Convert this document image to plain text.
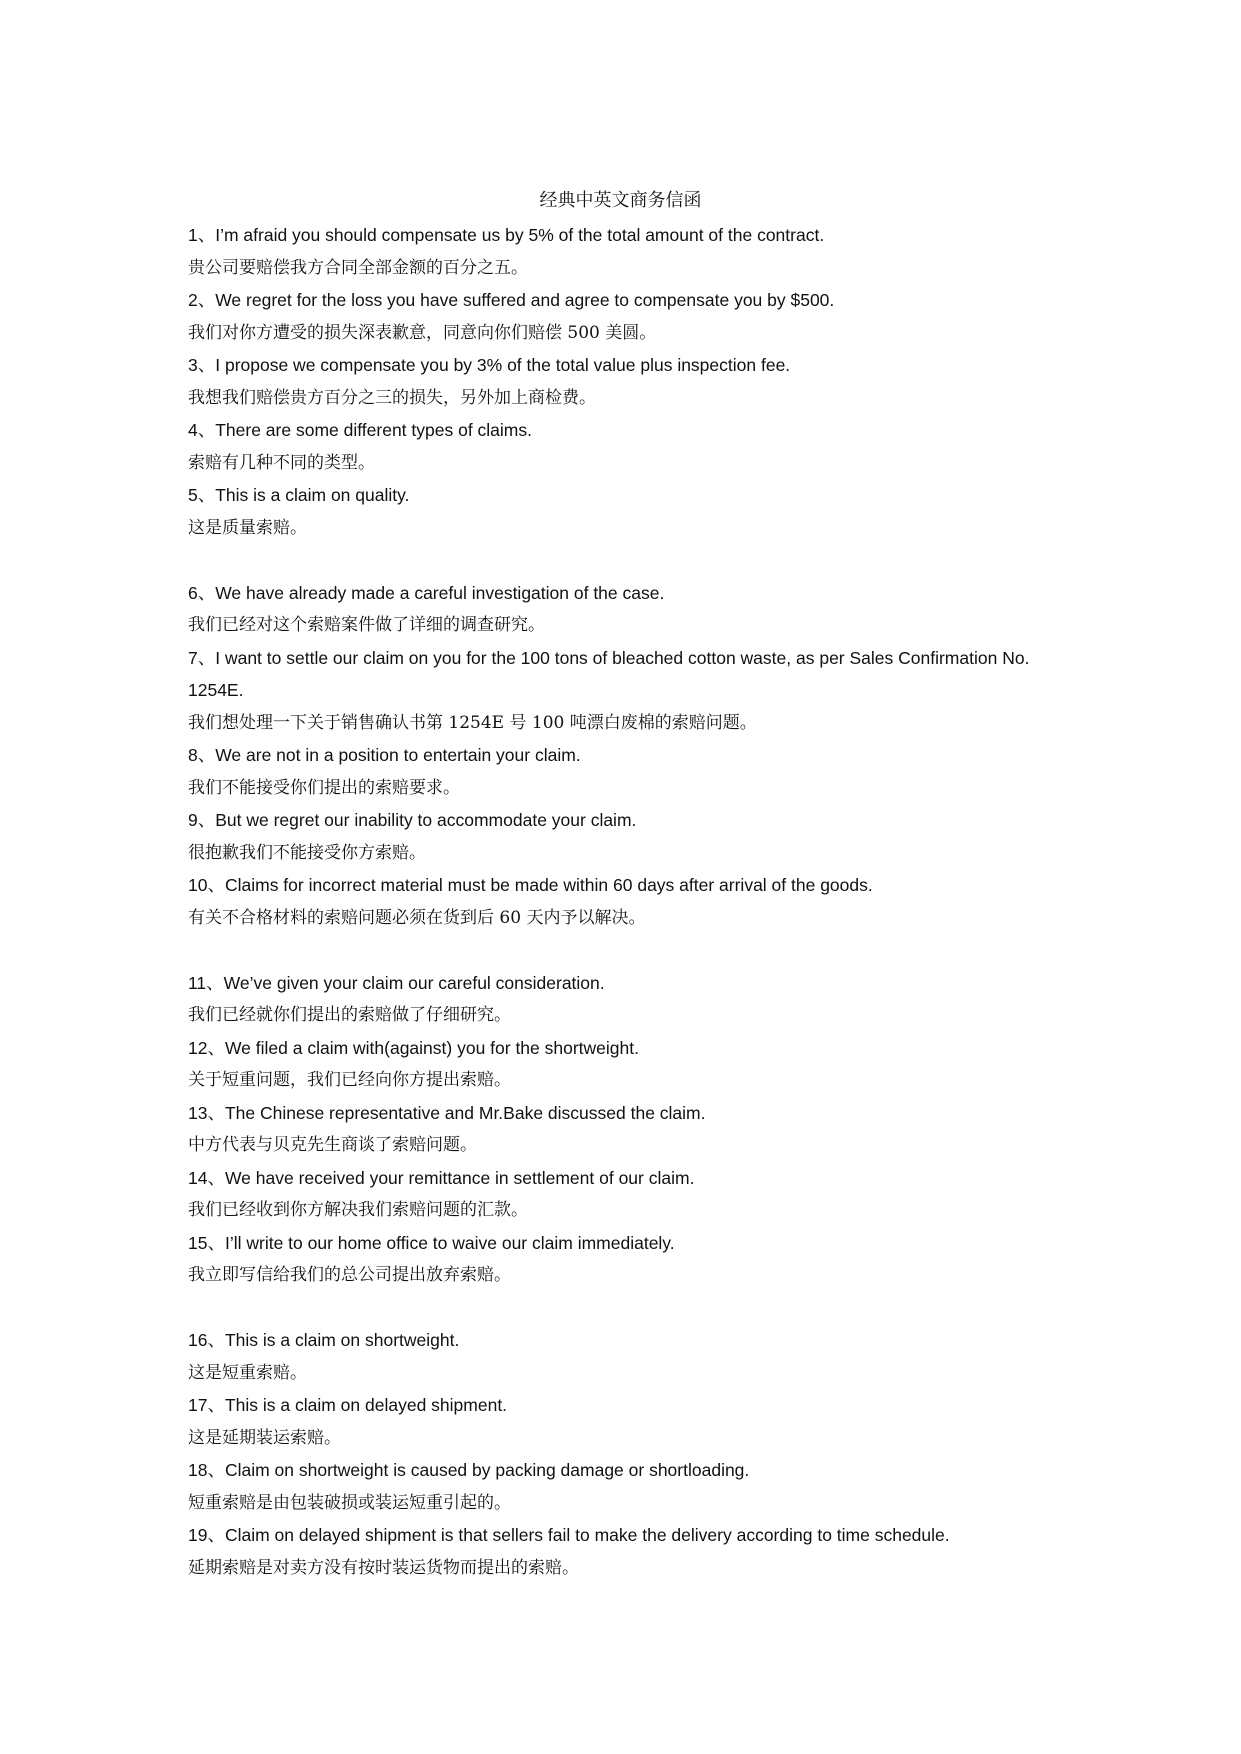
经典中英文商务信函

1、I’m afraid you should compensate us by 5% of the total amount of the contract.

贵公司要赔偿我方合同全部金额的百分之五。

2、We regret for the loss you have suffered and agree to compensate you by $500.

我们对你方遭受的损失深表歉意，同意向你们赔偿 500 美圆。

3、I propose we compensate you by 3% of the total value plus inspection fee.

我想我们赔偿贵方百分之三的损失，另外加上商检费。

4、There are some different types of claims.

索赔有几种不同的类型。

5、This is a claim on quality.

这是质量索赔。

6、We have already made a careful investigation of the case.

我们已经对这个索赔案件做了详细的调查研究。

7、I want to settle our claim on you for the 100 tons of bleached cotton waste, as per Sales Confirmation No. 1254E.

我们想处理一下关于销售确认书第 1254E 号 100 吨漂白废棉的索赔问题。

8、We are not in a position to entertain your claim.

我们不能接受你们提出的索赔要求。

9、But we regret our inability to accommodate your claim.

很抱歉我们不能接受你方索赔。

10、Claims for incorrect material must be made within 60 days after arrival of the goods.

有关不合格材料的索赔问题必须在货到后 60 天内予以解决。

11、We’ve given your claim our careful consideration.

我们已经就你们提出的索赔做了仔细研究。

12、We filed a claim with(against) you for the shortweight.

关于短重问题，我们已经向你方提出索赔。

13、The Chinese representative and Mr.Bake discussed the claim.

中方代表与贝克先生商谈了索赔问题。

14、We have received your remittance in settlement of our claim.

我们已经收到你方解决我们索赔问题的汇款。

15、I’ll write to our home office to waive our claim immediately.

我立即写信给我们的总公司提出放弃索赔。

16、This is a claim on shortweight.

这是短重索赔。

17、This is a claim on delayed shipment.

这是延期装运索赔。

18、Claim on shortweight is caused by packing damage or shortloading.

短重索赔是由包装破损或装运短重引起的。

19、Claim on delayed shipment is that sellers fail to make the delivery according to time schedule.

延期索赔是对卖方没有按时装运货物而提出的索赔。
